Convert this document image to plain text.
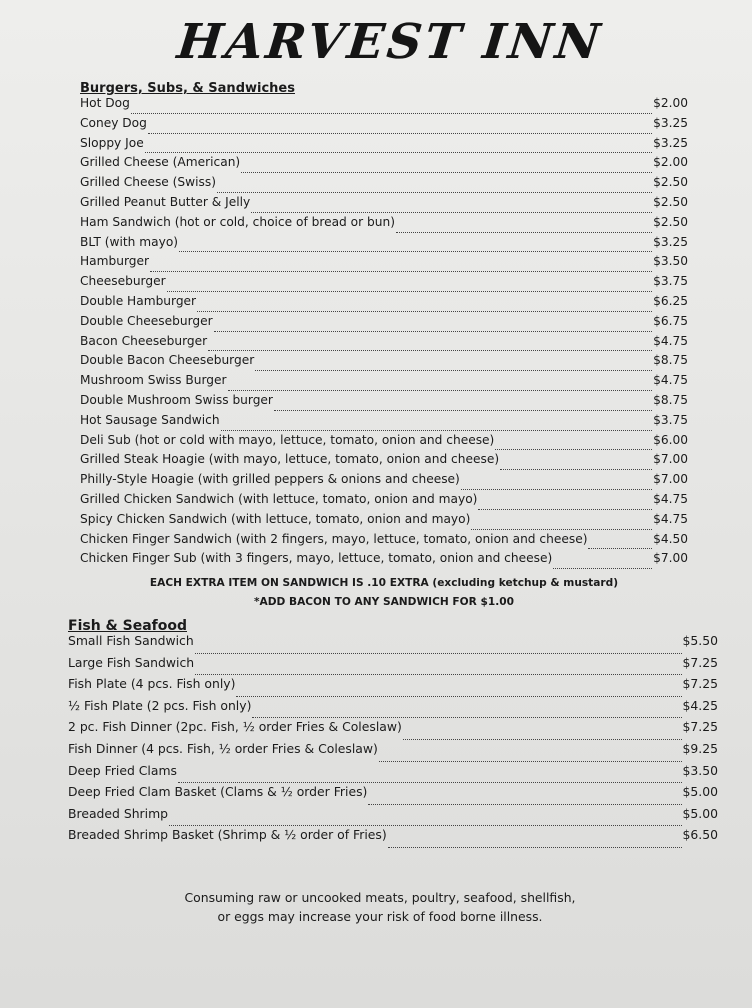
HARVEST INN
Burgers, Subs, & Sandwiches
Hot Dog	$2.00
Coney Dog	$3.25
Sloppy Joe	$3.25
Grilled Cheese (American)	$2.00
Grilled Cheese (Swiss)	$2.50
Grilled Peanut Butter & Jelly	$2.50
Ham Sandwich (hot or cold, choice of bread or bun)	$2.50
BLT (with mayo)	$3.25
Hamburger	$3.50
Cheeseburger	$3.75
Double Hamburger	$6.25
Double Cheeseburger	$6.75
Bacon Cheeseburger	$4.75
Double Bacon Cheeseburger	$8.75
Mushroom Swiss Burger	$4.75
Double Mushroom Swiss burger	$8.75
Hot Sausage Sandwich	$3.75
Deli Sub (hot or cold with mayo, lettuce, tomato, onion and cheese)	$6.00
Grilled Steak Hoagie (with mayo, lettuce, tomato, onion and cheese)	$7.00
Philly-Style Hoagie (with grilled peppers & onions and cheese)	$7.00
Grilled Chicken Sandwich (with lettuce, tomato, onion and mayo)	$4.75
Spicy Chicken Sandwich (with lettuce, tomato, onion and mayo)	$4.75
Chicken Finger Sandwich (with 2 fingers, mayo, lettuce, tomato, onion and cheese)	$4.50
Chicken Finger Sub (with 3 fingers, mayo, lettuce, tomato, onion and cheese)	$7.00
EACH EXTRA ITEM ON SANDWICH IS .10 EXTRA (excluding ketchup & mustard)
*ADD BACON TO ANY SANDWICH FOR $1.00
Fish & Seafood
Small Fish Sandwich	$5.50
Large Fish Sandwich	$7.25
Fish Plate (4 pcs. Fish only)	$7.25
½ Fish Plate (2 pcs. Fish only)	$4.25
2 pc. Fish Dinner (2pc. Fish, ½ order Fries & Coleslaw)	$7.25
Fish Dinner (4 pcs. Fish, ½ order Fries & Coleslaw)	$9.25
Deep Fried Clams	$3.50
Deep Fried Clam Basket (Clams & ½ order Fries)	$5.00
Breaded Shrimp	$5.00
Breaded Shrimp Basket (Shrimp & ½ order of Fries)	$6.50
Consuming raw or uncooked meats, poultry, seafood, shellfish,
or eggs may increase your risk of food borne illness.
